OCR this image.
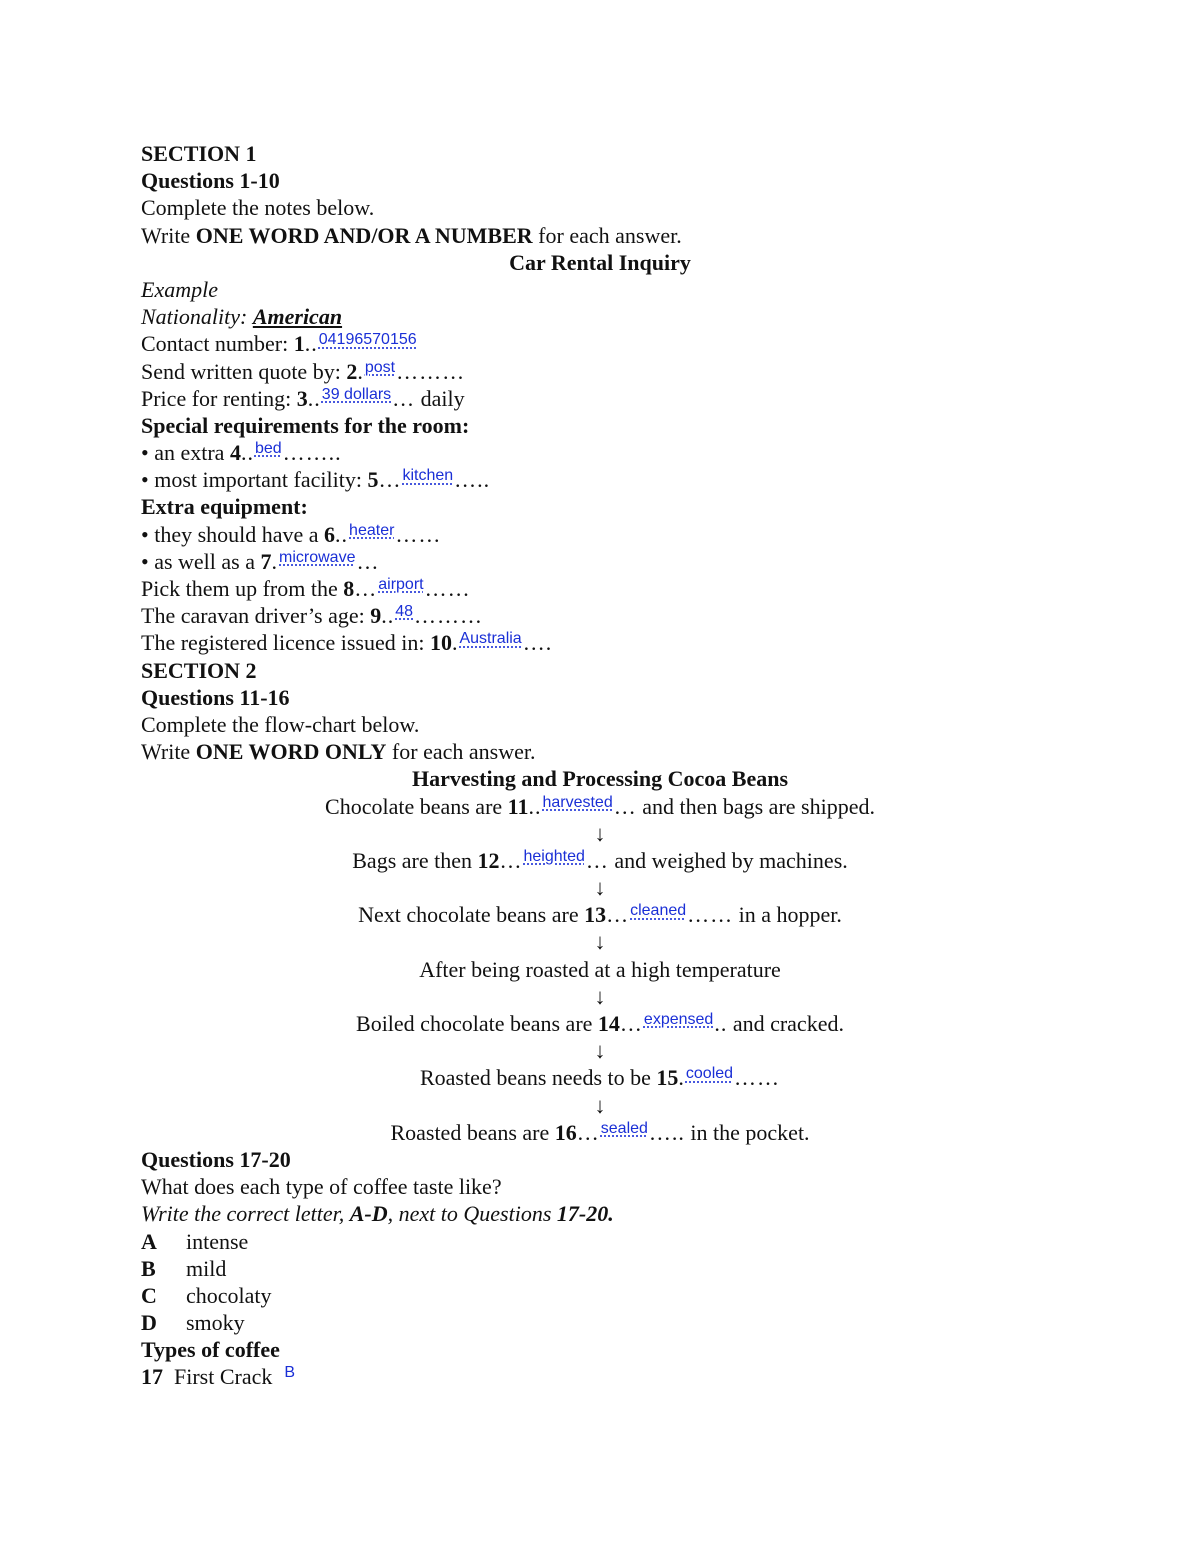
SECTION 1
Questions 1-10
Complete the notes below.
Write ONE WORD AND/OR A NUMBER for each answer.
Car Rental Inquiry
Example
Nationality: American
Contact number: 1..$^{04196570156}$
Send written quote by: 2.$^{post}$………
Price for renting: 3..$^{39 dollars}$… daily
Special requirements for the room:
• an extra 4..$^{bed}$……..
• most important facility: 5…$^{kitchen}$…..
Extra equipment:
• they should have a 6..$^{heater}$……
• as well as a 7.$^{microwave}$…
Pick them up from the 8…$^{airport}$……
The caravan driver’s age: 9..$^{48}$………
The registered licence issued in: 10.$^{Australia}$….
SECTION 2
Questions 11-16
Complete the flow-chart below.
Write ONE WORD ONLY for each answer.
Harvesting and Processing Cocoa Beans
Chocolate beans are 11..$^{harvested}$… and then bags are shipped.
↓
Bags are then 12…$^{heighted}$… and weighed by machines.
↓
Next chocolate beans are 13…$^{cleaned}$…… in a hopper.
↓
After being roasted at a high temperature
↓
Boiled chocolate beans are 14…$^{expensed}$.. and cracked.
↓
Roasted beans needs to be 15.$^{cooled}$……
↓
Roasted beans are 16…$^{sealed}$….. in the pocket.
Questions 17-20
What does each type of coffee taste like?
Write the correct letter, A-D, next to Questions 17-20.
A intense
B mild
C chocolaty
D smoky
Types of coffee
17 First Crack $^B$
